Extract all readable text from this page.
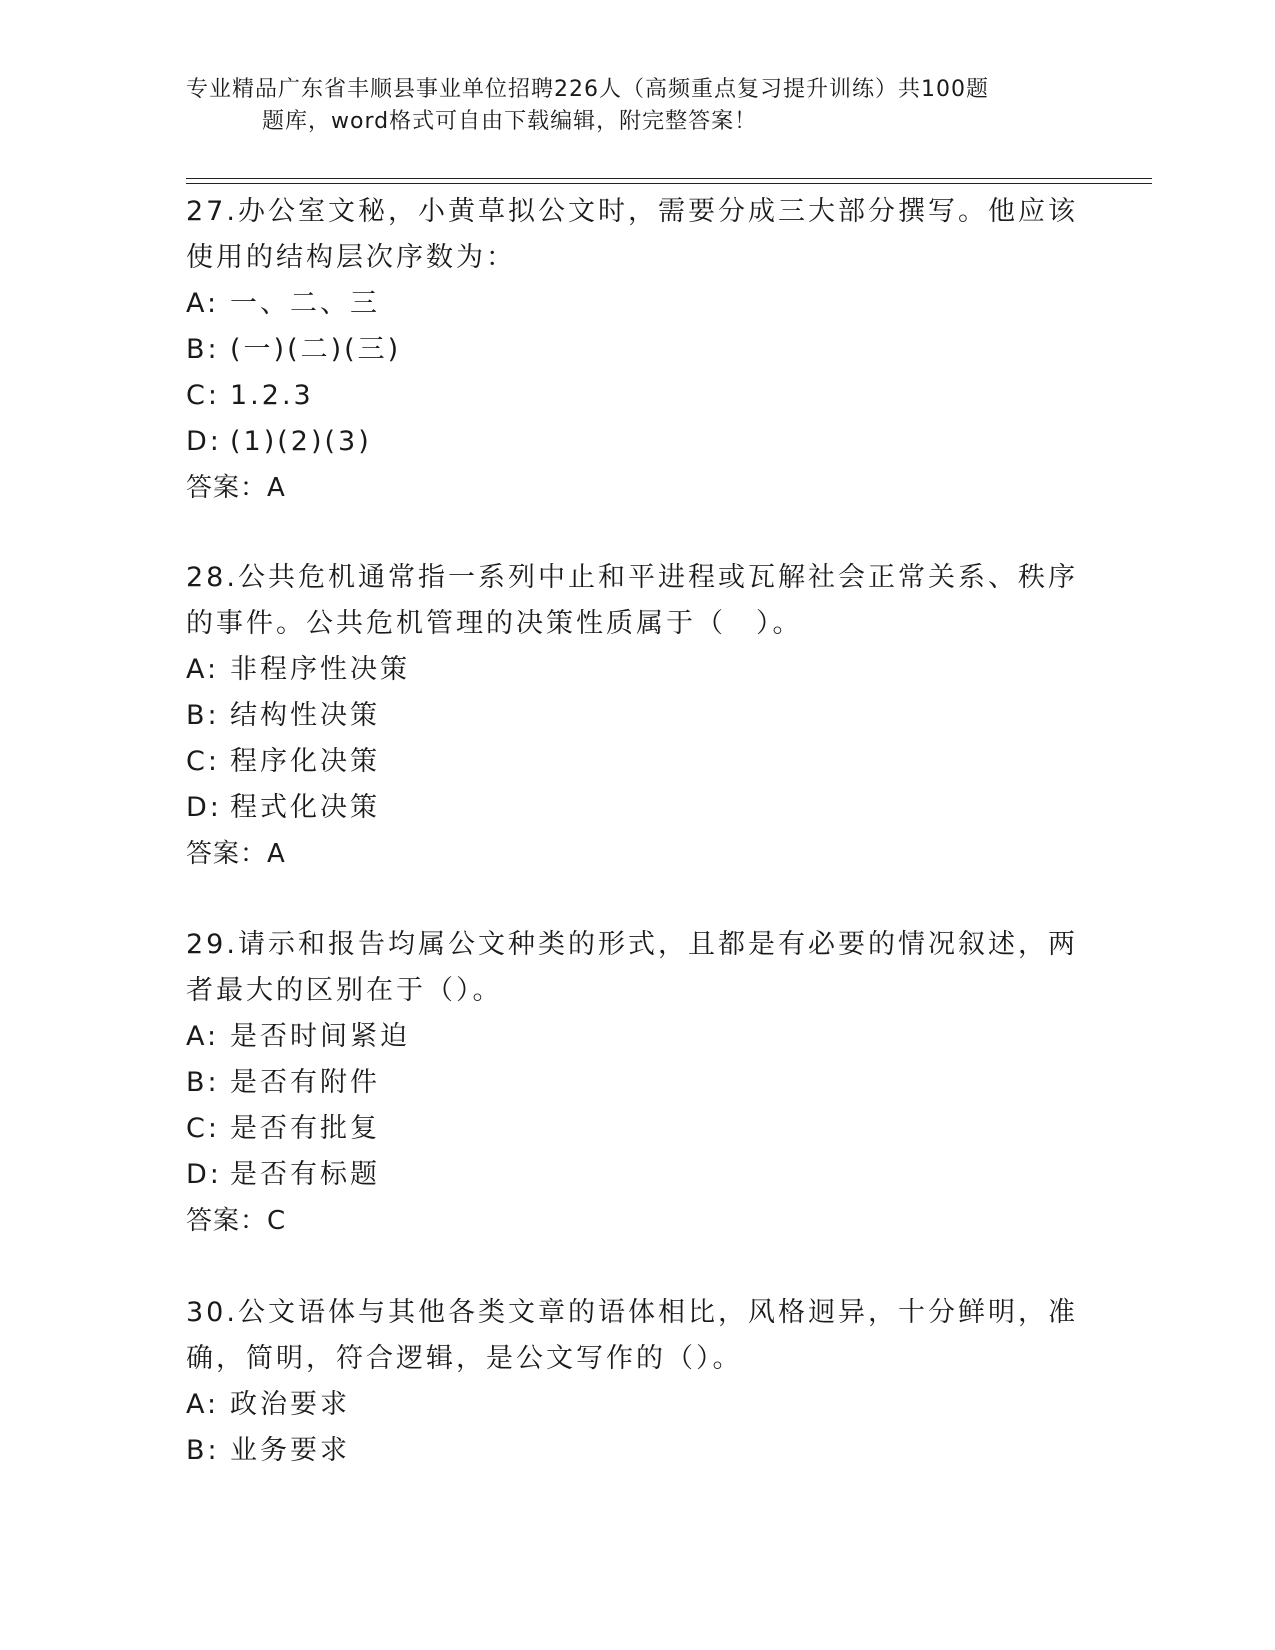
专业精品广东省丰顺县事业单位招聘226人（高频重点复习提升训练）共100题
题库，word格式可自由下载编辑，附完整答案！

27.办公室文秘，小黄草拟公文时，需要分成三大部分撰写。他应该使用的结构层次序数为：

A: 一、二、三
B: (一)(二)(三)
C: 1.2.3
D: (1)(2)(3)
答案：A

28.公共危机通常指一系列中止和平进程或瓦解社会正常关系、秩序的事件。公共危机管理的决策性质属于（　）。

A: 非程序性决策
B: 结构性决策
C: 程序化决策
D: 程式化决策
答案：A

29.请示和报告均属公文种类的形式，且都是有必要的情况叙述，两者最大的区别在于（）。

A: 是否时间紧迫
B: 是否有附件
C: 是否有批复
D: 是否有标题
答案：C

30.公文语体与其他各类文章的语体相比，风格迥异，十分鲜明，准确，简明，符合逻辑，是公文写作的（）。

A: 政治要求
B: 业务要求
